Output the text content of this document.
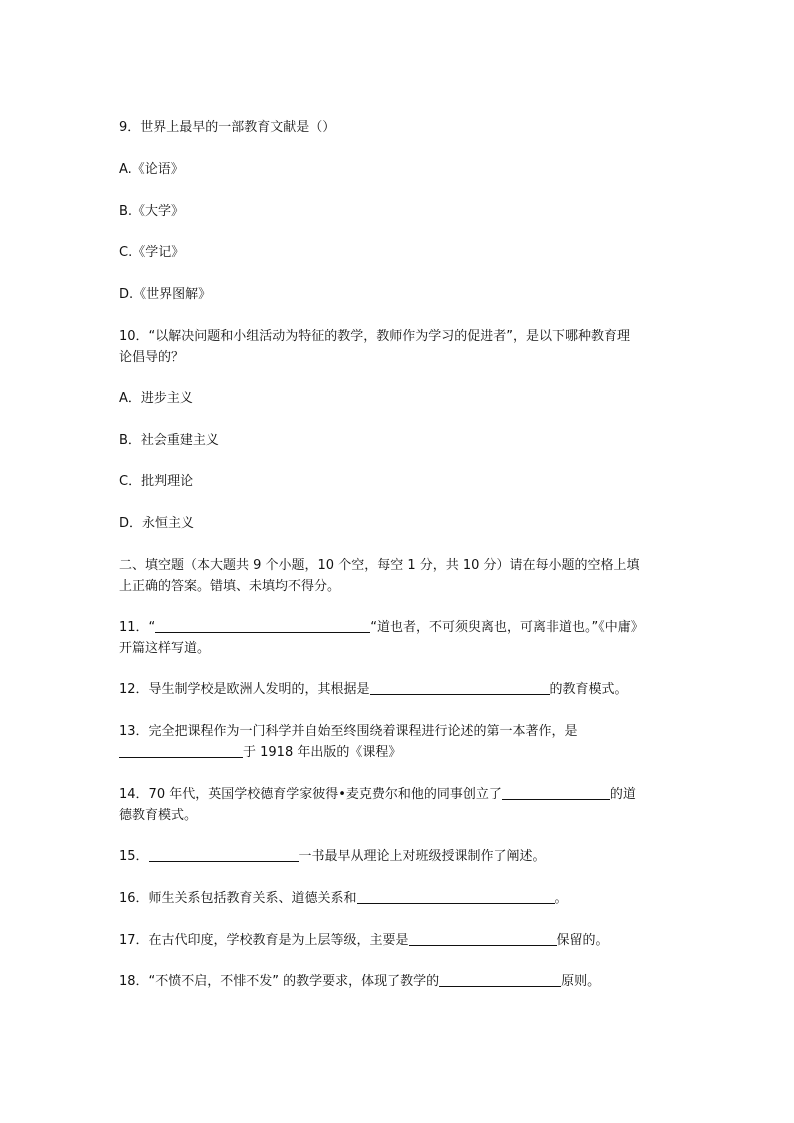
9．世界上最早的一部教育文献是（）
A.《论语》
B.《大学》
C.《学记》
D.《世界图解》
10．“以解决问题和小组活动为特征的教学，教师作为学习的促进者”，是以下哪种教育理
论倡导的？
A．进步主义
B．社会重建主义
C．批判理论
D．永恒主义
二、填空题（本大题共 9 个小题，10 个空，每空 1 分，共 10 分）请在每小题的空格上填
上正确的答案。错填、未填均不得分。
11．“	“道也者，不可须臾离也，可离非道也。”《中庸》
开篇这样写道。
12．导生制学校是欧洲人发明的，其根据是	的教育模式。
13．完全把课程作为一门科学并自始至终围绕着课程进行论述的第一本著作，是
于 1918 年出版的《课程》
14．70 年代，英国学校德育学家彼得•麦克费尔和他的同事创立了	的道
德教育模式。
15．	一书最早从理论上对班级授课制作了阐述。
16．师生关系包括教育关系、道德关系和	。
17．在古代印度，学校教育是为上层等级，主要是	保留的。
18．“不愤不启，不悱不发” 的教学要求，体现了教学的	原则。
